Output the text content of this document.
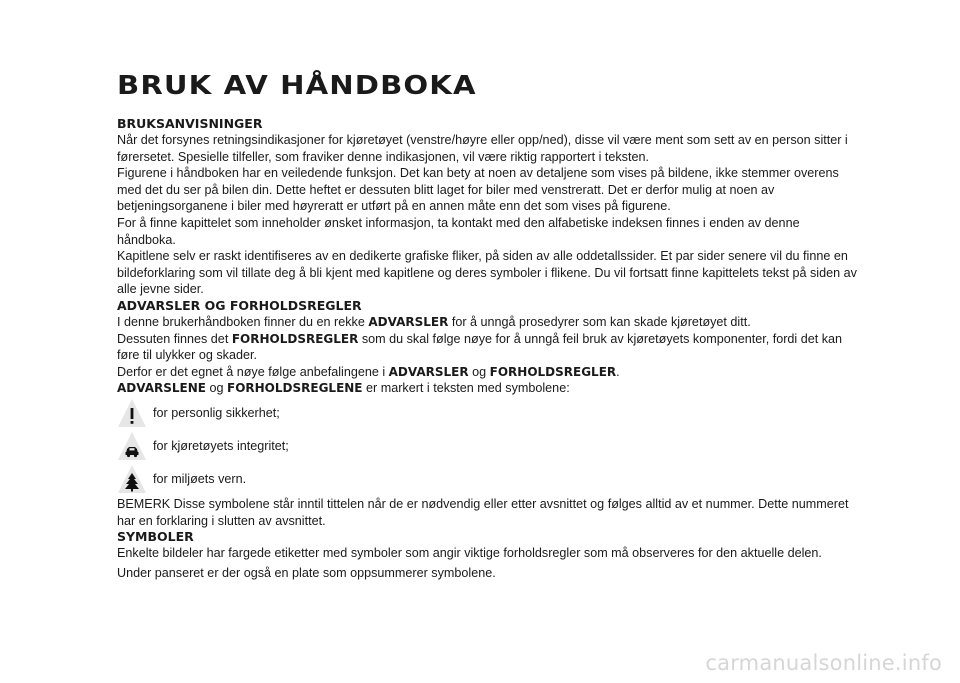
BRUK AV HÅNDBOKA
BRUKSANVISNINGER

Når det forsynes retningsindikasjoner for kjøretøyet (venstre/høyre eller opp/ned), disse vil være ment som sett av en person sitter i førersetet. Spesielle tilfeller, som fraviker denne indikasjonen, vil være riktig rapportert i teksten.

Figurene i håndboken har en veiledende funksjon. Det kan bety at noen av detaljene som vises på bildene, ikke stemmer overens med det du ser på bilen din. Dette heftet er dessuten blitt laget for biler med venstreratt. Det er derfor mulig at noen av betjeningsorganene i biler med høyreratt er utført på en annen måte enn det som vises på figurene.

For å finne kapittelet som inneholder ønsket informasjon, ta kontakt med den alfabetiske indeksen finnes i enden av denne håndboka.

Kapitlene selv er raskt identifiseres av en dedikerte grafiske fliker, på siden av alle oddetallssider. Et par sider senere vil du finne en bildeforklaring som vil tillate deg å bli kjent med kapitlene og deres symboler i flikene. Du vil fortsatt finne kapittelets tekst på siden av alle jevne sider.

ADVARSLER OG FORHOLDSREGLER

I denne brukerhåndboken finner du en rekke ADVARSLER for å unngå prosedyrer som kan skade kjøretøyet ditt.

Dessuten finnes det FORHOLDSREGLER som du skal følge nøye for å unngå feil bruk av kjøretøyets komponenter, fordi det kan føre til ulykker og skader.

Derfor er det egnet å nøye følge anbefalingene i ADVARSLER og FORHOLDSREGLER.

ADVARSLENE og FORHOLDSREGLENE er markert i teksten med symbolene:

for personlig sikkerhet;
for kjøretøyets integritet;
for miljøets vern.

BEMERK Disse symbolene står inntil tittelen når de er nødvendig eller etter avsnittet og følges alltid av et nummer. Dette nummeret har en forklaring i slutten av avsnittet.

SYMBOLER

Enkelte bildeler har fargede etiketter med symboler som angir viktige forholdsregler som må observeres for den aktuelle delen.

Under panseret er der også en plate som oppsummerer symbolene.

carmanualsonline.info
